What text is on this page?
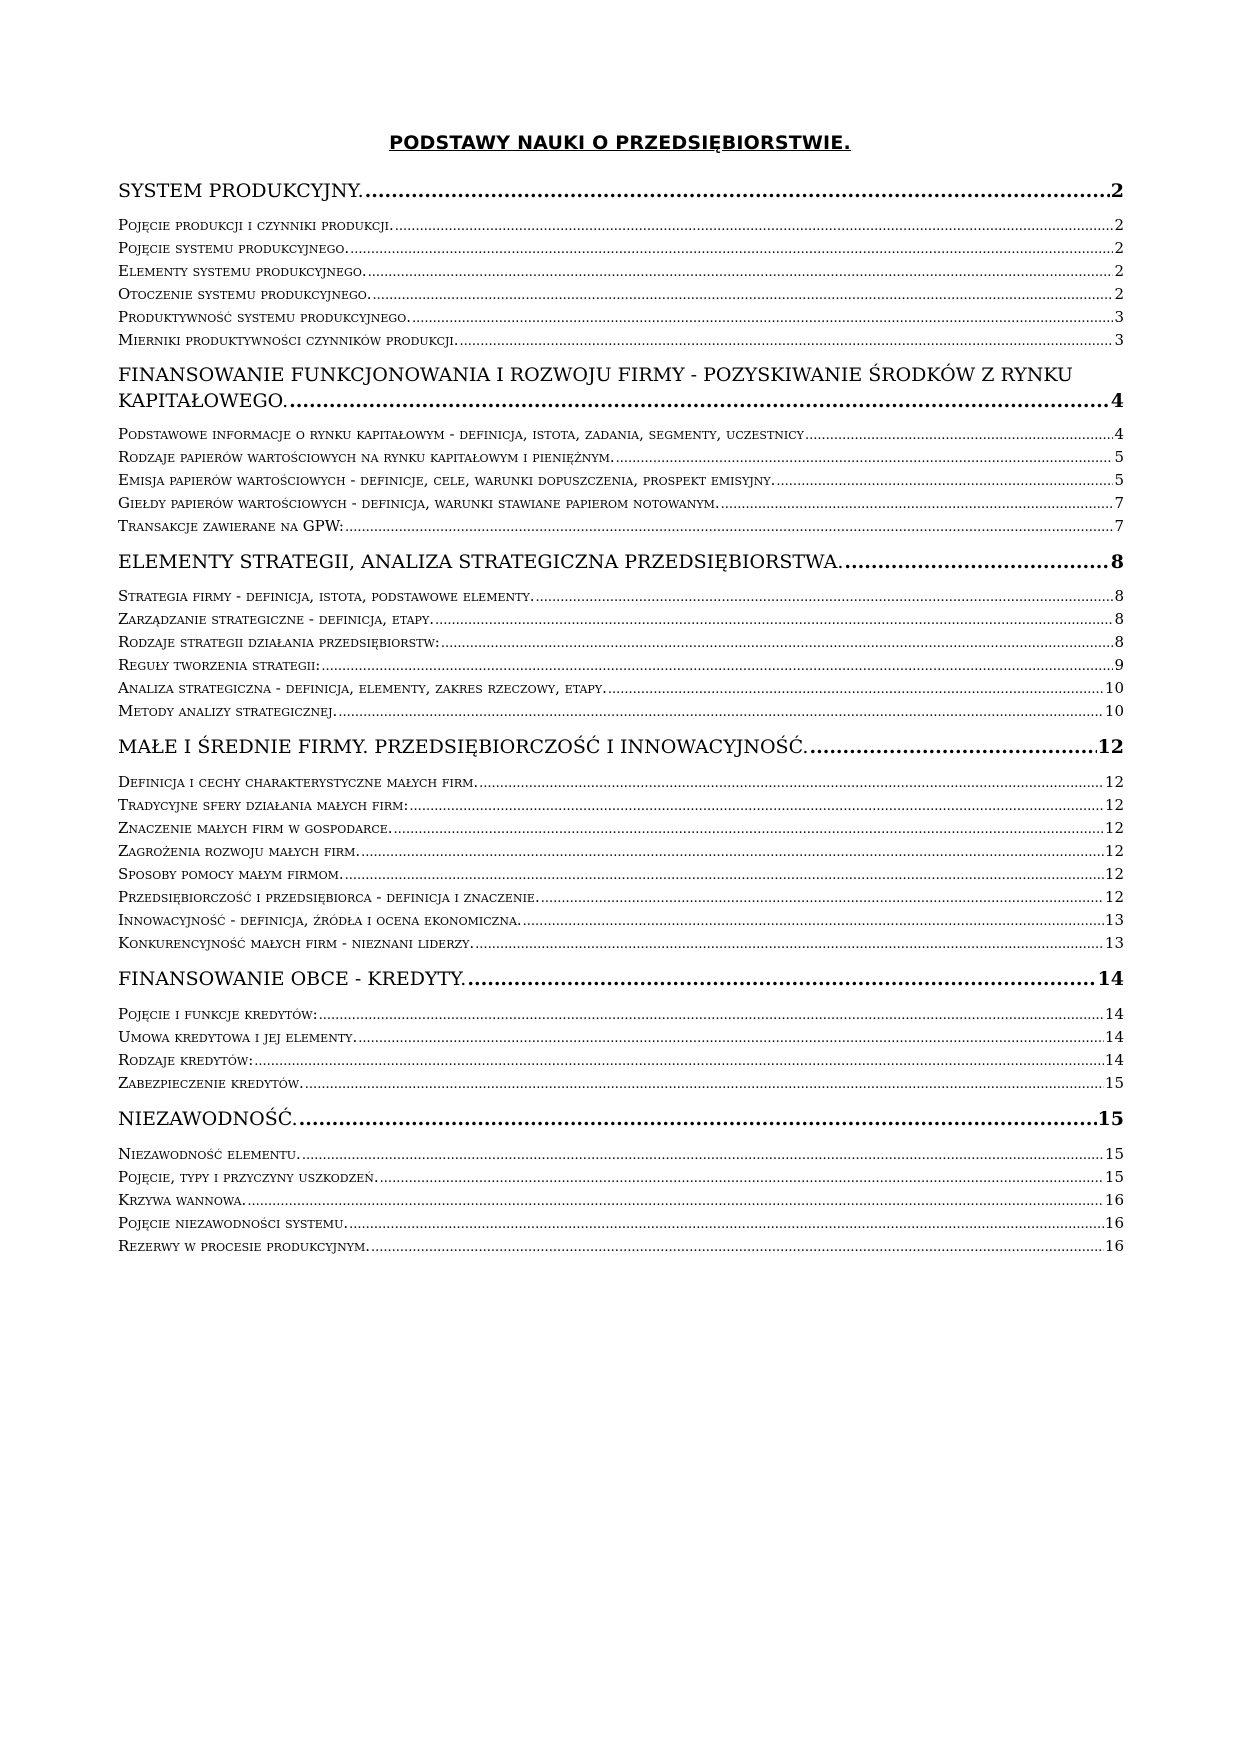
PODSTAWY NAUKI O PRZEDSIĘBIORSTWIE.
SYSTEM PRODUKCYJNY. .....	2
Pojęcie produkcji i czynniki produkcji. .....	2
Pojęcie systemu produkcyjnego. .....	2
Elementy systemu produkcyjnego. .....	2
Otoczenie systemu produkcyjnego. .....	2
Produktywność systemu produkcyjnego. .....	3
Mierniki produktywności czynników produkcji. .....	3
FINANSOWANIE FUNKCJONOWANIA I ROZWOJU FIRMY - POZYSKIWANIE ŚRODKÓW Z RYNKU
KAPITAŁOWEGO. .....	4
Podstawowe informacje o rynku kapitałowym - definicja, istota, zadania, segmenty, uczestnicy .....	4
Rodzaje papierów wartościowych na rynku kapitałowym i pieniężnym. .....	5
Emisja papierów wartościowych - definicje, cele, warunki dopuszczenia, prospekt emisyjny. .....	5
Giełdy papierów wartościowych - definicja, warunki stawiane papierom notowanym. .....	7
Transakcje zawierane na GPW: .....	7
ELEMENTY STRATEGII, ANALIZA STRATEGICZNA PRZEDSIĘBIORSTWA. .....	8
Strategia firmy - definicja, istota, podstawowe elementy. .....	8
Zarządzanie strategiczne - definicja, etapy. .....	8
Rodzaje strategii działania przedsiębiorstw: .....	8
Reguły tworzenia strategii: .....	9
Analiza strategiczna - definicja, elementy, zakres rzeczowy, etapy. .....	10
Metody analizy strategicznej. .....	10
MAŁE I ŚREDNIE FIRMY. PRZEDSIĘBIORCZOŚĆ I INNOWACYJNOŚĆ. .....	12
Definicja i cechy charakterystyczne małych firm. .....	12
Tradycyjne sfery działania małych firm: .....	12
Znaczenie małych firm w gospodarce. .....	12
Zagrożenia rozwoju małych firm. .....	12
Sposoby pomocy małym firmom. .....	12
Przedsiębiorczość i przedsiębiorca - definicja i znaczenie. .....	12
Innowacyjność - definicja, źródła i ocena ekonomiczna. .....	13
Konkurencyjność małych firm - nieznani liderzy. .....	13
FINANSOWANIE OBCE - KREDYTY. .....	14
Pojęcie i funkcje kredytów: .....	14
Umowa kredytowa i jej elementy. .....	14
Rodzaje kredytów: .....	14
Zabezpieczenie kredytów. .....	15
NIEZAWODNOŚĆ. .....	15
Niezawodność elementu. .....	15
Pojęcie, typy i przyczyny uszkodzeń. .....	15
Krzywa wannowa. .....	16
Pojęcie niezawodności systemu. .....	16
Rezerwy w procesie produkcyjnym. .....	16
